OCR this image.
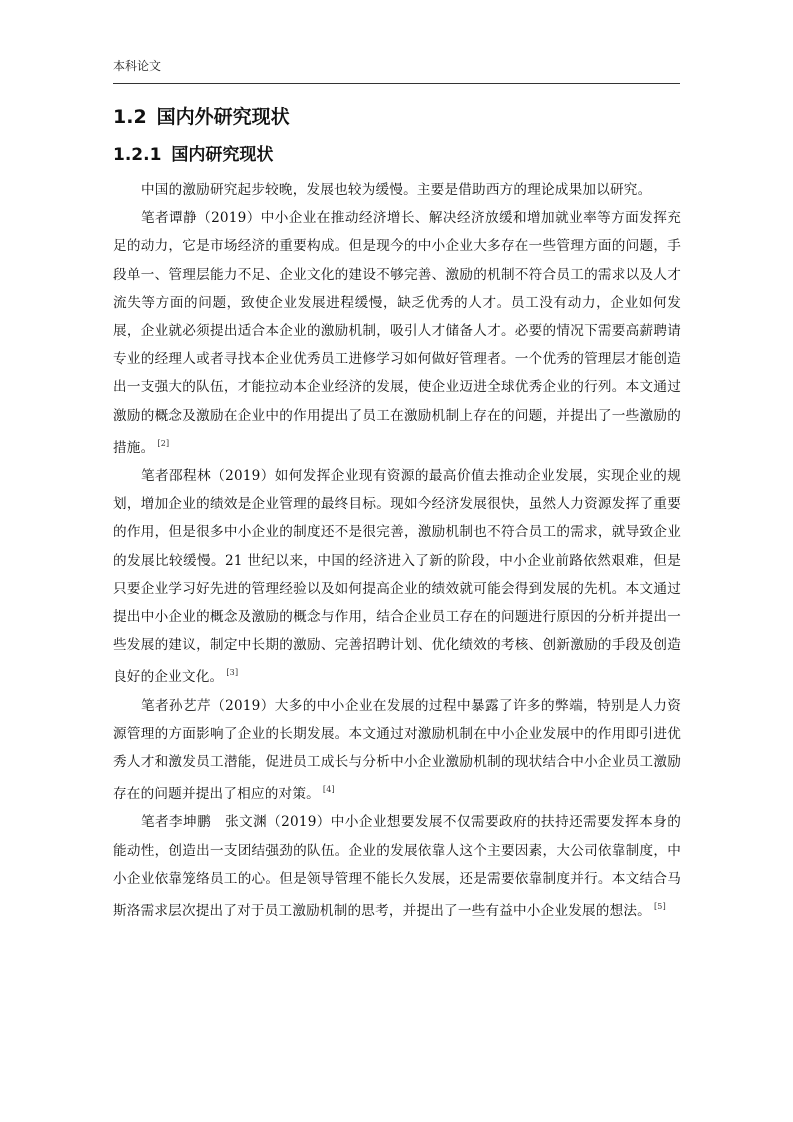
本科论文
1.2 国内外研究现状
1.2.1 国内研究现状

中国的激励研究起步较晚，发展也较为缓慢。主要是借助西方的理论成果加以研究。

笔者谭静（2019）中小企业在推动经济增长、解决经济放缓和增加就业率等方面发挥充足的动力，它是市场经济的重要构成。但是现今的中小企业大多存在一些管理方面的问题，手段单一、管理层能力不足、企业文化的建设不够完善、激励的机制不符合员工的需求以及人才流失等方面的问题，致使企业发展进程缓慢，缺乏优秀的人才。员工没有动力，企业如何发展，企业就必须提出适合本企业的激励机制，吸引人才储备人才。必要的情况下需要高薪聘请专业的经理人或者寻找本企业优秀员工进修学习如何做好管理者。一个优秀的管理层才能创造出一支强大的队伍，才能拉动本企业经济的发展，使企业迈进全球优秀企业的行列。本文通过激励的概念及激励在企业中的作用提出了员工在激励机制上存在的问题，并提出了一些激励的措施。 [2]

笔者邵程林（2019）如何发挥企业现有资源的最高价值去推动企业发展，实现企业的规划，增加企业的绩效是企业管理的最终目标。现如今经济发展很快，虽然人力资源发挥了重要的作用，但是很多中小企业的制度还不是很完善，激励机制也不符合员工的需求，就导致企业的发展比较缓慢。21 世纪以来，中国的经济进入了新的阶段，中小企业前路依然艰难，但是只要企业学习好先进的管理经验以及如何提高企业的绩效就可能会得到发展的先机。本文通过提出中小企业的概念及激励的概念与作用，结合企业员工存在的问题进行原因的分析并提出一些发展的建议，制定中长期的激励、完善招聘计划、优化绩效的考核、创新激励的手段及创造良好的企业文化。 [3]

笔者孙艺芹（2019）大多的中小企业在发展的过程中暴露了许多的弊端，特别是人力资源管理的方面影响了企业的长期发展。本文通过对激励机制在中小企业发展中的作用即引进优秀人才和激发员工潜能，促进员工成长与分析中小企业激励机制的现状结合中小企业员工激励存在的问题并提出了相应的对策。 [4]

笔者李坤鹏　张文渊（2019）中小企业想要发展不仅需要政府的扶持还需要发挥本身的能动性，创造出一支团结强劲的队伍。企业的发展依靠人这个主要因素，大公司依靠制度，中小企业依靠笼络员工的心。但是领导管理不能长久发展，还是需要依靠制度并行。本文结合马斯洛需求层次提出了对于员工激励机制的思考，并提出了一些有益中小企业发展的想法。 [5]
